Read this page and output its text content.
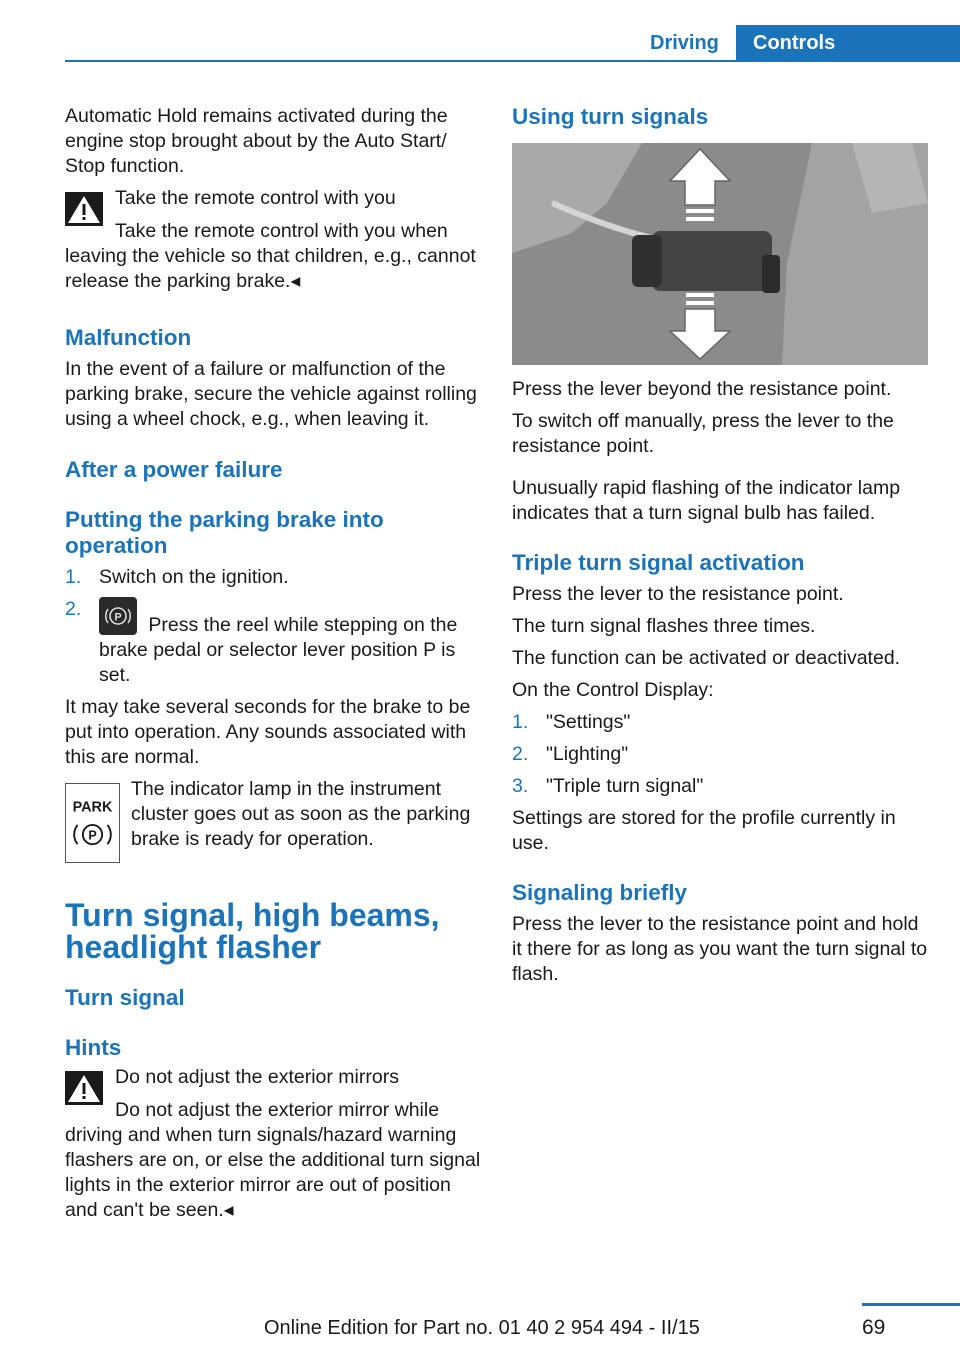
Driving	Controls

Automatic Hold remains activated during the engine stop brought about by the Auto Start/ Stop function.

Take the remote control with you

Take the remote control with you when leaving the vehicle so that children, e.g., cannot release the parking brake.◂

Malfunction

In the event of a failure or malfunction of the parking brake, secure the vehicle against rolling using a wheel chock, e.g., when leaving it.

After a power failure
Putting the parking brake into operation
1. Switch on the ignition.
2.	P Press the reel while stepping on the brake pedal or selector lever position P is set.

It may take several seconds for the brake to be put into operation. Any sounds associated with this are normal.

PARK
P

The indicator lamp in the instrument cluster goes out as soon as the parking brake is ready for operation.

Turn signal, high beams, headlight flasher
Turn signal
Hints

Do not adjust the exterior mirrors

Do not adjust the exterior mirror while driving and when turn signals/hazard warning flashers are on, or else the additional turn signal lights in the exterior mirror are out of position and can't be seen.◂

Using turn signals

Press the lever beyond the resistance point.

To switch off manually, press the lever to the resistance point.

Unusually rapid flashing of the indicator lamp indicates that a turn signal bulb has failed.

Triple turn signal activation

Press the lever to the resistance point.

The turn signal flashes three times.

The function can be activated or deactivated.

On the Control Display:

1. "Settings"
2. "Lighting"
3. "Triple turn signal"

Settings are stored for the profile currently in use.

Signaling briefly

Press the lever to the resistance point and hold it there for as long as you want the turn signal to flash.

69
Online Edition for Part no. 01 40 2 954 494 - II/15
